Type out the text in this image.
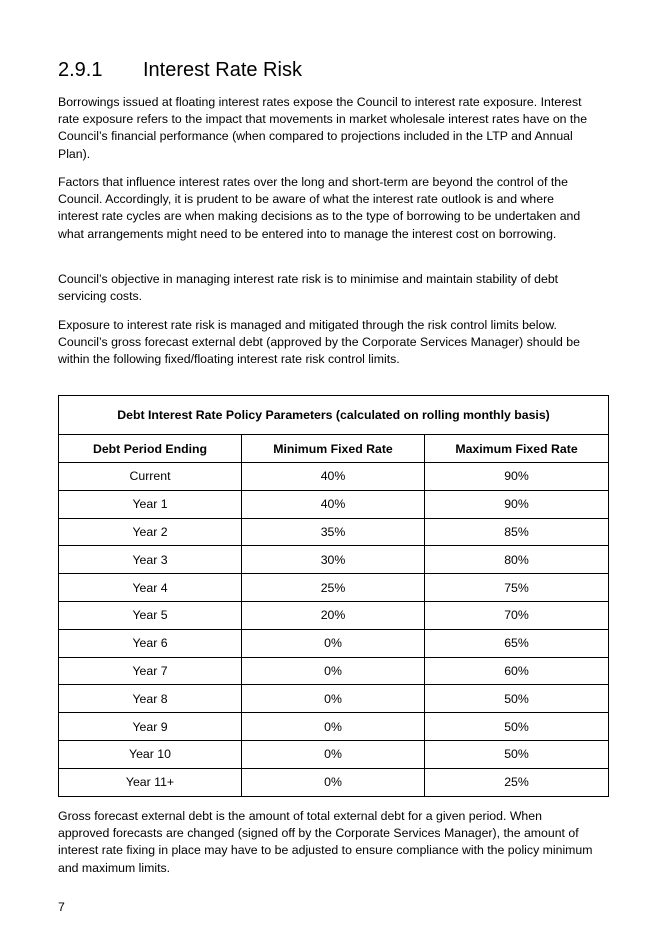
2.9.1 Interest Rate Risk

Borrowings issued at floating interest rates expose the Council to interest rate exposure. Interest rate exposure refers to the impact that movements in market wholesale interest rates have on the Council’s financial performance (when compared to projections included in the LTP and Annual Plan).

Factors that influence interest rates over the long and short-term are beyond the control of the Council. Accordingly, it is prudent to be aware of what the interest rate outlook is and where interest rate cycles are when making decisions as to the type of borrowing to be undertaken and what arrangements might need to be entered into to manage the interest cost on borrowing.

Council’s objective in managing interest rate risk is to minimise and maintain stability of debt servicing costs.

Exposure to interest rate risk is managed and mitigated through the risk control limits below. Council’s gross forecast external debt (approved by the Corporate Services Manager) should be within the following fixed/floating interest rate risk control limits.

Debt Interest Rate Policy Parameters (calculated on rolling monthly basis)		
Debt Period Ending	Minimum Fixed Rate	Maximum Fixed Rate
Current	40%	90%
Year 1	40%	90%
Year 2	35%	85%
Year 3	30%	80%
Year 4	25%	75%
Year 5	20%	70%
Year 6	0%	65%
Year 7	0%	60%
Year 8	0%	50%
Year 9	0%	50%
Year 10	0%	50%
Year 11+	0%	25%

Gross forecast external debt is the amount of total external debt for a given period. When approved forecasts are changed (signed off by the Corporate Services Manager), the amount of interest rate fixing in place may have to be adjusted to ensure compliance with the policy minimum and maximum limits.

7
